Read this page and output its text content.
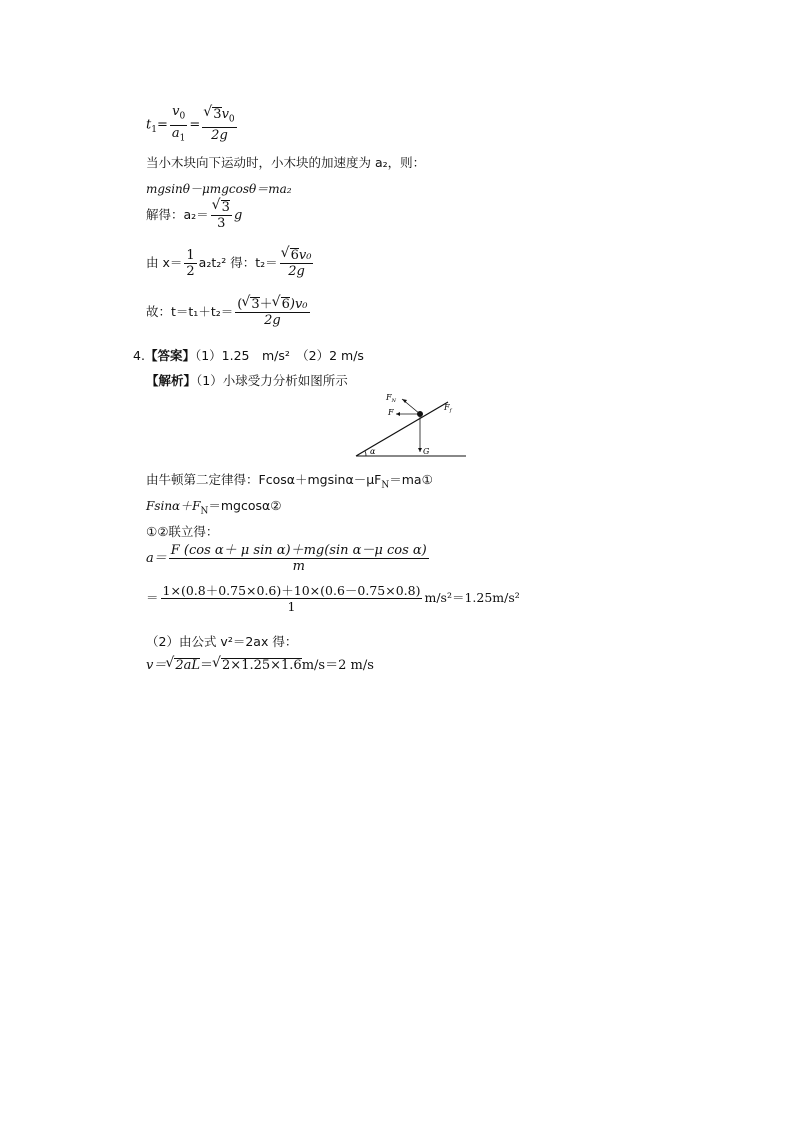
$t_1= \frac{v_0}{a_1}$ = √ $\frac{3v_0}{2g}$
当小木块向下运动时，小木块的加速度为 a₂，则：
mgsinθ－μmgcosθ＝ma₂
解得：a₂＝ √ $\frac{3}{3}$ g
由 $x= \frac{1}{2} a_2t_2^2$ 得：t₂＝ √ $\frac{\text{6v₀}}{2g}$
故：$t=t_1+t_2= \frac{\text{( √ 3＋ √ 6)v₀}}{2g}$
4.【答案】（1）1.25　m/s²　（2）2 m/s
【解析】（1）小球受力分析如图所示
$F_N$
F
$F_f$
G
α
由牛顿第二定律得：$Fcos\alpha+mgsin\alpha-\mu F_N=ma①$
$Fsin\alpha+F_N=mgcos\alpha ②$
①②联立得：
$a= \frac{\text{F (cos α＋ μ sin α)＋mg(sin α－μ cos α)}}{m}$
＝ $\frac{1\times(0.8+0.75\times 0.6)+10\times(0.6-0.75\times 0.8)}{1} m/s^2=1.25m/s^2$
（2）由公式 v²＝2ax 得：
v＝ √ 2aL＝ √ 2×1.25×1.6m/s＝2 m/s
